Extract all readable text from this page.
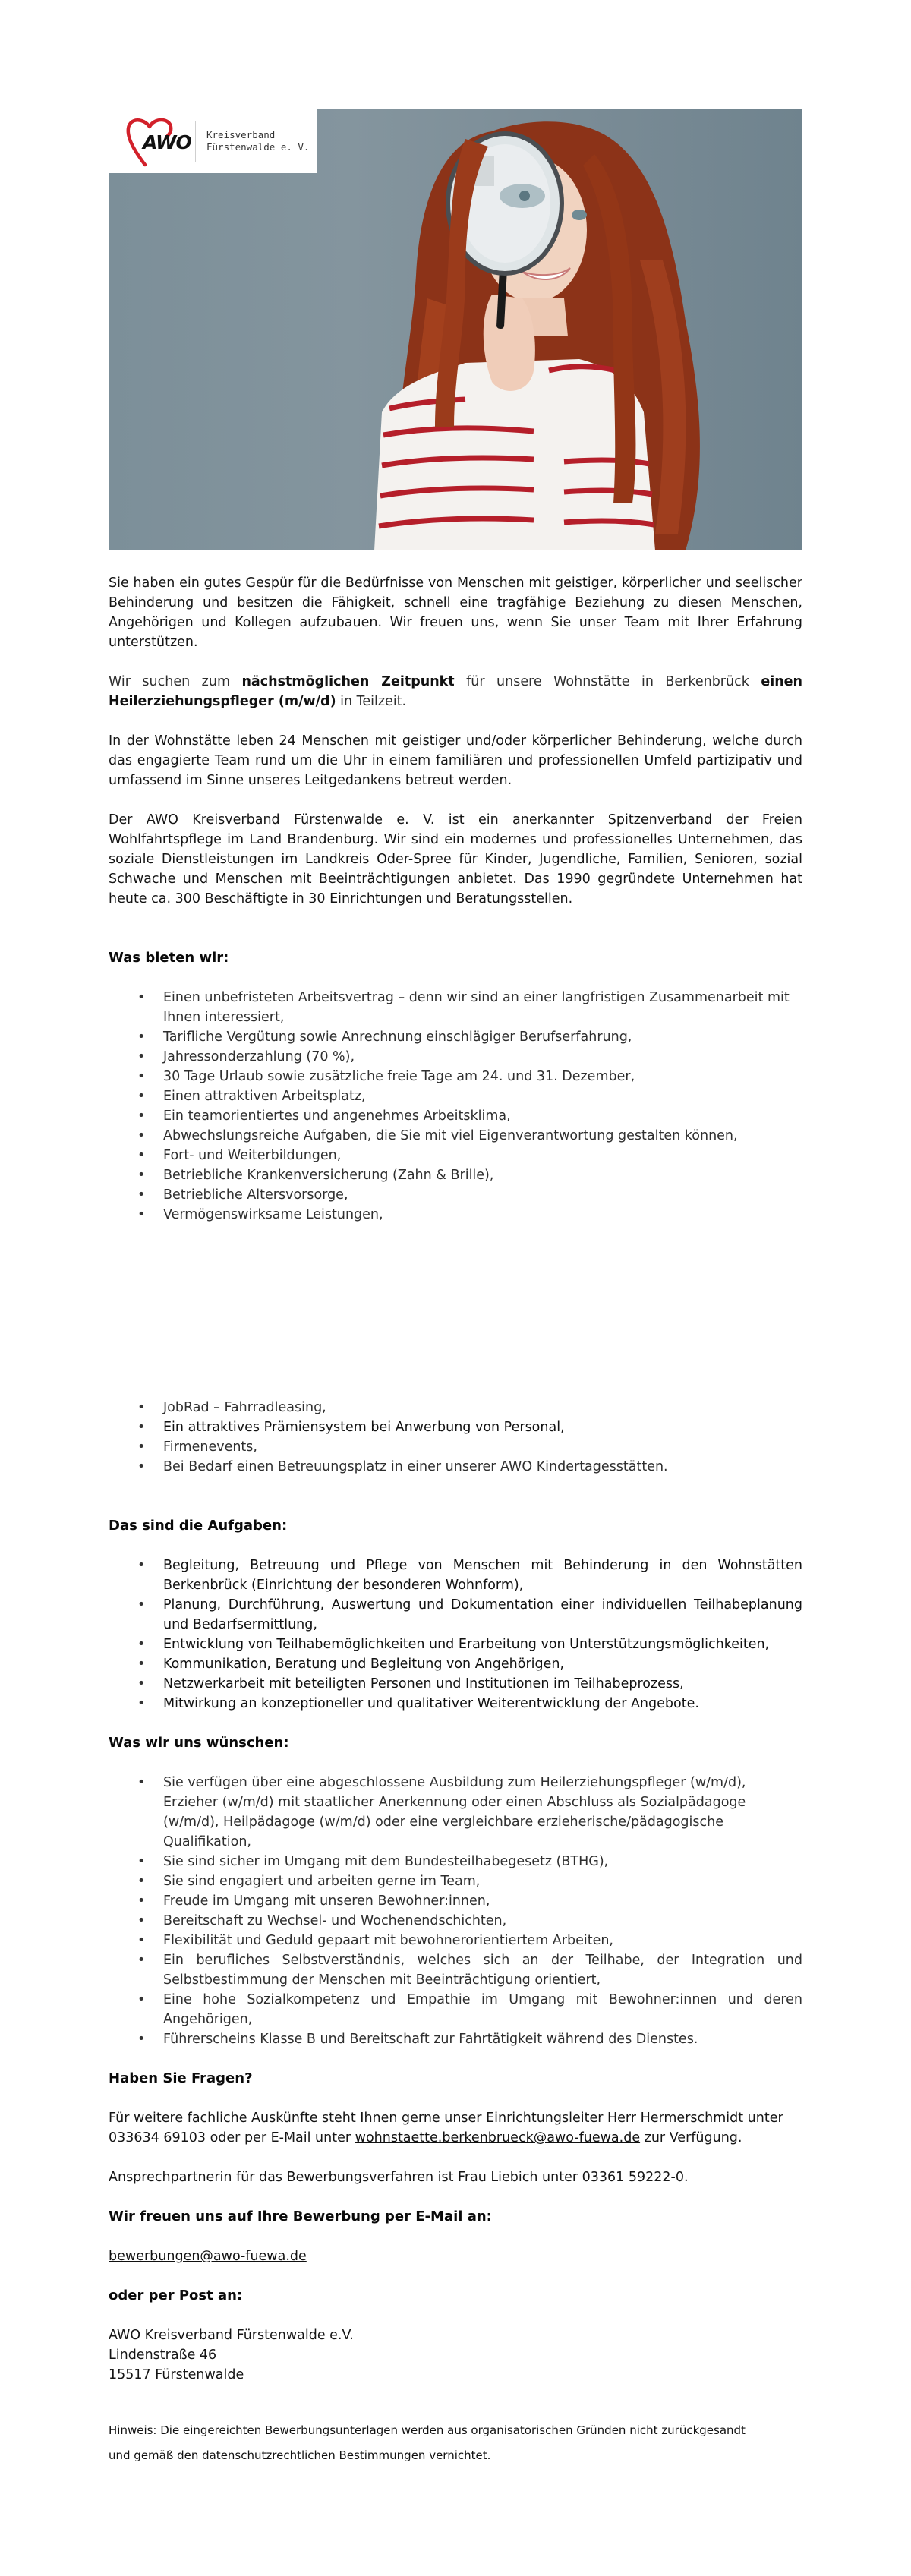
AWO Kreisverband
Fürstenwalde e. V.

Sie haben ein gutes Gespür für die Bedürfnisse von Menschen mit geistiger, körperlicher und seelischer Behinderung und besitzen die Fähigkeit, schnell eine tragfähige Beziehung zu diesen Menschen, Angehörigen und Kollegen aufzubauen. Wir freuen uns, wenn Sie unser Team mit Ihrer Erfahrung unterstützen.

Wir suchen zum nächstmöglichen Zeitpunkt für unsere Wohnstätte in Berkenbrück einen Heilerziehungspfleger (m/w/d) in Teilzeit.

In der Wohnstätte leben 24 Menschen mit geistiger und/oder körperlicher Behinderung, welche durch das engagierte Team rund um die Uhr in einem familiären und professionellen Umfeld partizipativ und umfassend im Sinne unseres Leitgedankens betreut werden.

Der AWO Kreisverband Fürstenwalde e. V. ist ein anerkannter Spitzenverband der Freien Wohlfahrtspflege im Land Brandenburg. Wir sind ein modernes und professionelles Unternehmen, das soziale Dienstleistungen im Landkreis Oder-Spree für Kinder, Jugendliche, Familien, Senioren, sozial Schwache und Menschen mit Beeinträchtigungen anbietet. Das 1990 gegründete Unternehmen hat heute ca. 300 Beschäftigte in 30 Einrichtungen und Beratungsstellen.

Was bieten wir:
• Einen unbefristeten Arbeitsvertrag – denn wir sind an einer langfristigen Zusammenarbeit mit Ihnen interessiert,
• Tarifliche Vergütung sowie Anrechnung einschlägiger Berufserfahrung,
• Jahressonderzahlung (70 %),
• 30 Tage Urlaub sowie zusätzliche freie Tage am 24. und 31. Dezember,
• Einen attraktiven Arbeitsplatz,
• Ein teamorientiertes und angenehmes Arbeitsklima,
• Abwechslungsreiche Aufgaben, die Sie mit viel Eigenverantwortung gestalten können,
• Fort- und Weiterbildungen,
• Betriebliche Krankenversicherung (Zahn & Brille),
• Betriebliche Altersvorsorge,
• Vermögenswirksame Leistungen,
• JobRad – Fahrradleasing,
• Ein attraktives Prämiensystem bei Anwerbung von Personal,
• Firmenevents,
• Bei Bedarf einen Betreuungsplatz in einer unserer AWO Kindertagesstätten.
Das sind die Aufgaben:
• Begleitung, Betreuung und Pflege von Menschen mit Behinderung in den Wohnstätten Berkenbrück (Einrichtung der besonderen Wohnform),
• Planung, Durchführung, Auswertung und Dokumentation einer individuellen Teilhabeplanung und Bedarfsermittlung,
• Entwicklung von Teilhabemöglichkeiten und Erarbeitung von Unterstützungsmöglichkeiten,
• Kommunikation, Beratung und Begleitung von Angehörigen,
• Netzwerkarbeit mit beteiligten Personen und Institutionen im Teilhabeprozess,
• Mitwirkung an konzeptioneller und qualitativer Weiterentwicklung der Angebote.
Was wir uns wünschen:
• Sie verfügen über eine abgeschlossene Ausbildung zum Heilerziehungspfleger (w/m/d), Erzieher (w/m/d) mit staatlicher Anerkennung oder einen Abschluss als Sozialpädagoge (w/m/d), Heilpädagoge (w/m/d) oder eine vergleichbare erzieherische/pädagogische Qualifikation,
• Sie sind sicher im Umgang mit dem Bundesteilhabegesetz (BTHG),
• Sie sind engagiert und arbeiten gerne im Team,
• Freude im Umgang mit unseren Bewohner:innen,
• Bereitschaft zu Wechsel- und Wochenendschichten,
• Flexibilität und Geduld gepaart mit bewohnerorientiertem Arbeiten,
• Ein berufliches Selbstverständnis, welches sich an der Teilhabe, der Integration und Selbstbestimmung der Menschen mit Beeinträchtigung orientiert,
• Eine hohe Sozialkompetenz und Empathie im Umgang mit Bewohner:innen und deren Angehörigen,
• Führerscheins Klasse B und Bereitschaft zur Fahrtätigkeit während des Dienstes.
Haben Sie Fragen?

Für weitere fachliche Auskünfte steht Ihnen gerne unser Einrichtungsleiter Herr Hermerschmidt unter 033634 69103 oder per E-Mail unter wohnstaette.berkenbrueck@awo-fuewa.de zur Verfügung.

Ansprechpartnerin für das Bewerbungsverfahren ist Frau Liebich unter 03361 59222-0.

Wir freuen uns auf Ihre Bewerbung per E-Mail an:

bewerbungen@awo-fuewa.de

oder per Post an:
AWO Kreisverband Fürstenwalde e.V.
Lindenstraße 46
15517 Fürstenwalde
Hinweis: Die eingereichten Bewerbungsunterlagen werden aus organisatorischen Gründen nicht zurückgesandt
und gemäß den datenschutzrechtlichen Bestimmungen vernichtet.
